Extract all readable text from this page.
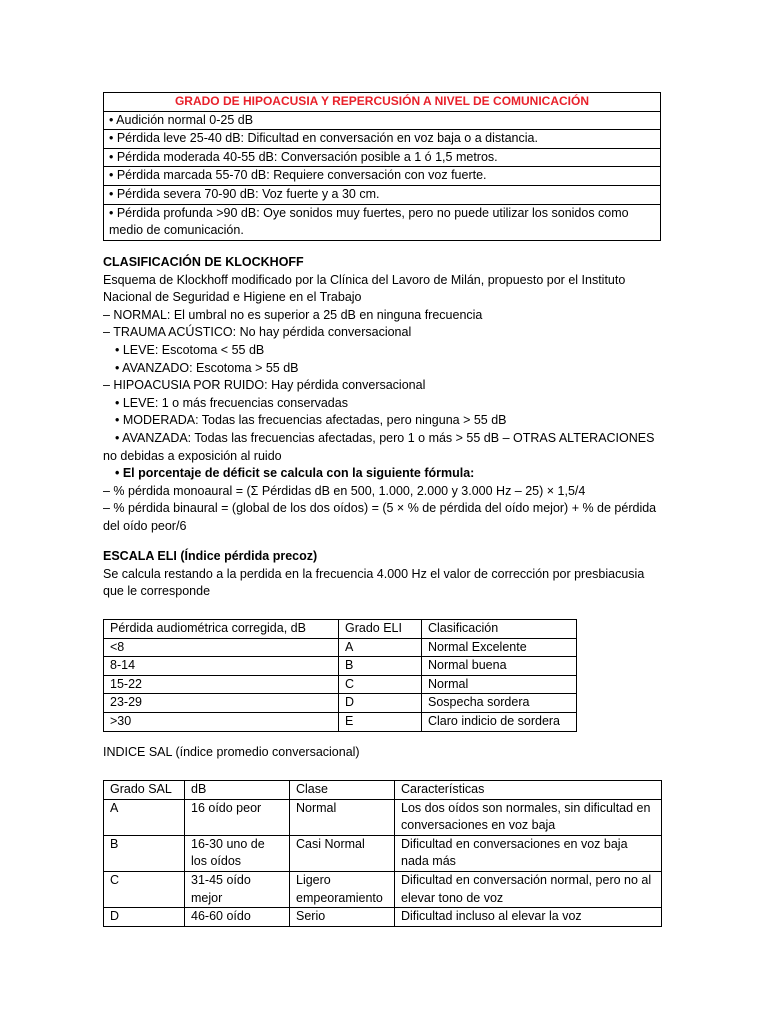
GRADO DE HIPOACUSIA Y REPERCUSIÓN A NIVEL DE COMUNICACIÓN
• Audición normal 0-25 dB
• Pérdida leve 25-40 dB: Dificultad en conversación en voz baja o a distancia.
• Pérdida moderada 40-55 dB: Conversación posible a 1 ó 1,5 metros.
• Pérdida marcada 55-70 dB: Requiere conversación con voz fuerte.
• Pérdida severa 70-90 dB: Voz fuerte y a 30 cm.
• Pérdida profunda >90 dB: Oye sonidos muy fuertes, pero no puede utilizar los sonidos como medio de comunicación.

CLASIFICACIÓN DE KLOCKHOFF

Esquema de Klockhoff modificado por la Clínica del Lavoro de Milán, propuesto por el Instituto Nacional de Seguridad e Higiene en el Trabajo

– NORMAL: El umbral no es superior a 25 dB en ninguna frecuencia

– TRAUMA ACÚSTICO: No hay pérdida conversacional

• LEVE: Escotoma < 55 dB

• AVANZADO: Escotoma > 55 dB

– HIPOACUSIA POR RUIDO: Hay pérdida conversacional

• LEVE: 1 o más frecuencias conservadas

• MODERADA: Todas las frecuencias afectadas, pero ninguna > 55 dB

• AVANZADA: Todas las frecuencias afectadas, pero 1 o más > 55 dB – OTRAS ALTERACIONES no debidas a exposición al ruido

• El porcentaje de déficit se calcula con la siguiente fórmula:

– % pérdida monoaural = (Σ Pérdidas dB en 500, 1.000, 2.000 y 3.000 Hz – 25) × 1,5/4

– % pérdida binaural = (global de los dos oídos) = (5 × % de pérdida del oído mejor) + % de pérdida del oído peor/6

ESCALA ELI (Índice pérdida precoz)

Se calcula restando a la perdida en la frecuencia 4.000 Hz el valor de corrección por presbiacusia que le corresponde

Pérdida audiométrica corregida, dB	Grado ELI	Clasificación
<8	A	Normal Excelente
8-14	B	Normal buena
15-22	C	Normal
23-29	D	Sospecha sordera
>30	E	Claro indicio de sordera

INDICE SAL (índice promedio conversacional)

Grado SAL	dB	Clase	Características
A	16 oído peor	Normal	Los dos oídos son normales, sin dificultad en conversaciones en voz baja
B	16-30 uno de los oídos	Casi Normal	Dificultad en conversaciones en voz baja nada más
C	31-45 oído mejor	Ligero empeoramiento	Dificultad en conversación normal, pero no al elevar tono de voz
D	46-60 oído	Serio	Dificultad incluso al elevar la voz
